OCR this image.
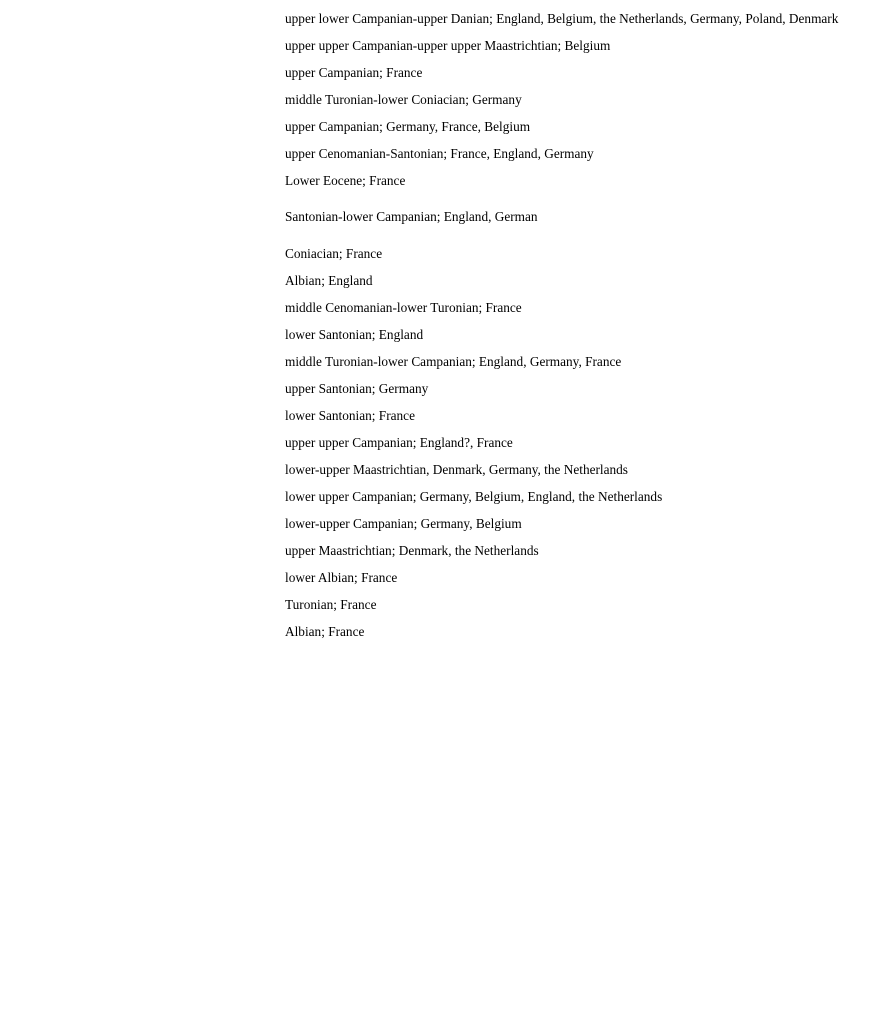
upper lower Campanian-upper Danian; England, Belgium, the Netherlands, Germany, Poland, Denmark
upper upper Campanian-upper upper Maastrichtian; Belgium
upper Campanian; France
middle Turonian-lower Coniacian; Germany
upper Campanian; Germany, France, Belgium
upper Cenomanian-Santonian; France, England, Germany
Lower Eocene; France
Santonian-lower Campanian; England, German
Coniacian; France
Albian; England
middle Cenomanian-lower Turonian; France
lower Santonian; England
middle Turonian-lower Campanian; England, Germany, France
upper Santonian; Germany
lower Santonian; France
upper upper Campanian; England?, France
lower-upper Maastrichtian, Denmark, Germany, the Netherlands
lower upper Campanian; Germany, Belgium, England, the Netherlands
lower-upper Campanian; Germany, Belgium
upper Maastrichtian; Denmark, the Netherlands
lower Albian; France
Turonian; France
Albian; France
